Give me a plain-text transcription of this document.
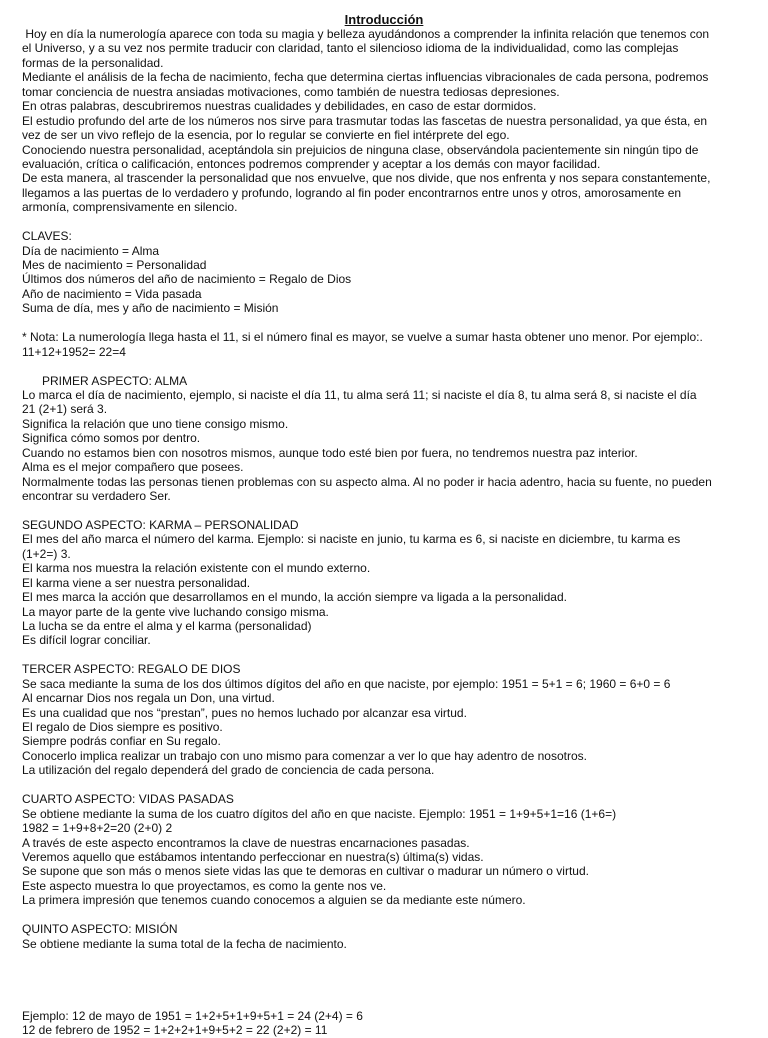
Introducción
Hoy en día la numerología aparece con toda su magia y belleza ayudándonos a comprender la infinita relación que tenemos con
el Universo, y a su vez nos permite traducir con claridad, tanto el silencioso idioma de la individualidad, como las complejas
formas de la personalidad.
Mediante el análisis de la fecha de nacimiento, fecha que determina ciertas influencias vibracionales de cada persona, podremos
tomar conciencia de nuestra ansiadas motivaciones, como también de nuestra tediosas depresiones.
En otras palabras, descubriremos nuestras cualidades y debilidades, en caso de estar dormidos.
El estudio profundo del arte de los números nos sirve para trasmutar todas las fascetas de nuestra personalidad, ya que ésta, en
vez de ser un vivo reflejo de la esencia, por lo regular se convierte en fiel intérprete del ego.
Conociendo nuestra personalidad, aceptándola sin prejuicios de ninguna clase, observándola pacientemente sin ningún tipo de
evaluación, crítica o calificación, entonces podremos comprender y aceptar a los demás con mayor facilidad.
De esta manera, al trascender la personalidad que nos envuelve, que nos divide, que nos enfrenta y nos separa constantemente,
llegamos a las puertas de lo verdadero y profundo, logrando al fin poder encontrarnos entre unos y otros, amorosamente en
armonía, comprensivamente en silencio.
CLAVES:
Día de nacimiento = Alma
Mes de nacimiento = Personalidad
Últimos dos números del año de nacimiento = Regalo de Dios
Año de nacimiento = Vida pasada
Suma de día, mes y año de nacimiento = Misión
* Nota: La numerología llega hasta el 11, si el número final es mayor, se vuelve a sumar hasta obtener uno menor. Por ejemplo:.
11+12+1952= 22=4
PRIMER ASPECTO: ALMA
Lo marca el día de nacimiento, ejemplo, si naciste el día 11, tu alma será 11; si naciste el día 8, tu alma será 8, si naciste el día
21 (2+1) será 3.
Significa la relación que uno tiene consigo mismo.
Significa cómo somos por dentro.
Cuando no estamos bien con nosotros mismos, aunque todo esté bien por fuera, no tendremos nuestra paz interior.
Alma es el mejor compañero que posees.
Normalmente todas las personas tienen problemas con su aspecto alma. Al no poder ir hacia adentro, hacia su fuente, no pueden
encontrar su verdadero Ser.
SEGUNDO ASPECTO: KARMA – PERSONALIDAD
El mes del año marca el número del karma. Ejemplo: si naciste en junio, tu karma es 6, si naciste en diciembre, tu karma es
(1+2=) 3.
El karma nos muestra la relación existente con el mundo externo.
El karma viene a ser nuestra personalidad.
El mes marca la acción que desarrollamos en el mundo, la acción siempre va ligada a la personalidad.
La mayor parte de la gente vive luchando consigo misma.
La lucha se da entre el alma y el karma (personalidad)
Es difícil lograr conciliar.
TERCER ASPECTO: REGALO DE DIOS
Se saca mediante la suma de los dos últimos dígitos del año en que naciste, por ejemplo: 1951 = 5+1 = 6; 1960 = 6+0 = 6
Al encarnar Dios nos regala un Don, una virtud.
Es una cualidad que nos “prestan”, pues no hemos luchado por alcanzar esa virtud.
El regalo de Dios siempre es positivo.
Siempre podrás confiar en Su regalo.
Conocerlo implica realizar un trabajo con uno mismo para comenzar a ver lo que hay adentro de nosotros.
La utilización del regalo dependerá del grado de conciencia de cada persona.
CUARTO ASPECTO: VIDAS PASADAS
Se obtiene mediante la suma de los cuatro dígitos del año en que naciste. Ejemplo: 1951 = 1+9+5+1=16 (1+6=)
1982 = 1+9+8+2=20 (2+0) 2
A través de este aspecto encontramos la clave de nuestras encarnaciones pasadas.
Veremos aquello que estábamos intentando perfeccionar en nuestra(s) última(s) vidas.
Se supone que son más o menos siete vidas las que te demoras en cultivar o madurar un número o virtud.
Este aspecto muestra lo que proyectamos, es como la gente nos ve.
La primera impresión que tenemos cuando conocemos a alguien se da mediante este número.
QUINTO ASPECTO: MISIÓN
Se obtiene mediante la suma total de la fecha de nacimiento.
Ejemplo: 12 de mayo de 1951 = 1+2+5+1+9+5+1 = 24 (2+4) = 6
12 de febrero de 1952 = 1+2+2+1+9+5+2 = 22 (2+2) = 11
